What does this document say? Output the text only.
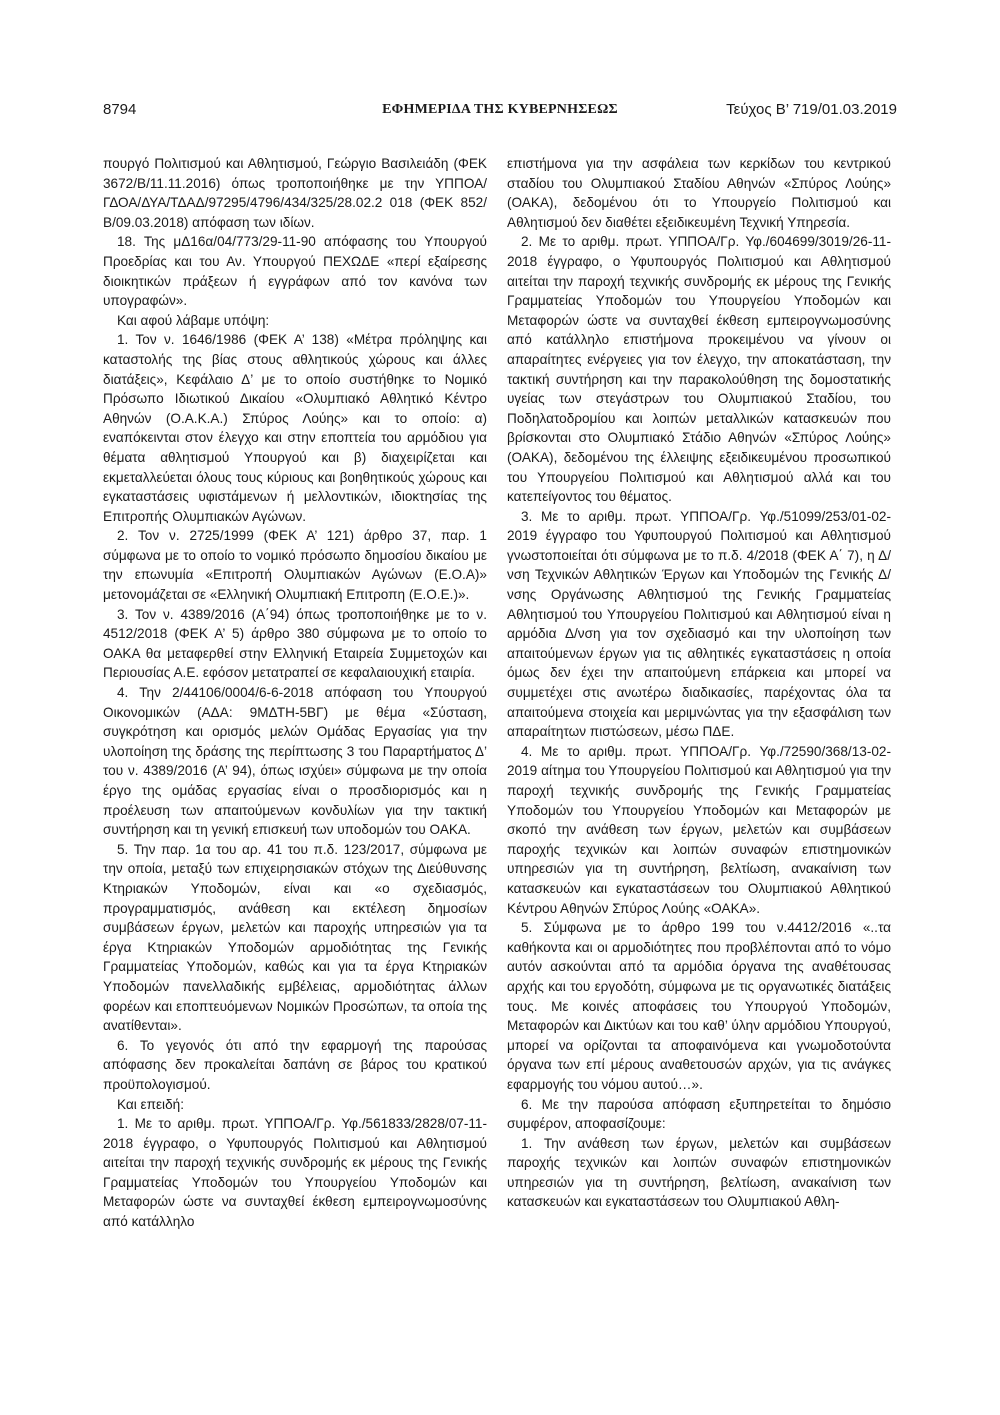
8794	ΕΦΗΜΕΡΙΔΑ ΤΗΣ ΚΥΒΕΡΝΗΣΕΩΣ	Τεύχος B’ 719/01.03.2019

πουργό Πολιτισμού και Αθλητισμού, Γεώργιο Βασιλειάδη (ΦΕΚ 3672/Β/11.11.2016) όπως τροποποιήθηκε με την ΥΠΠΟΑ/ΓΔΟΑ/ΔΥΑ/ΤΔΑΔ/97295/4796/434/325/28.02.2 018 (ΦΕΚ 852/Β/09.03.2018) απόφαση των ιδίων.

18. Της μΔ16α/04/773/29-11-90 απόφασης του Υπουργού Προεδρίας και του Αν. Υπουργού ΠΕΧΩΔΕ «περί εξαίρεσης διοικητικών πράξεων ή εγγράφων από τον κανόνα των υπογραφών».

Και αφού λάβαμε υπόψη:

1. Τον ν. 1646/1986 (ΦΕΚ Α’ 138) «Μέτρα πρόληψης και καταστολής της βίας στους αθλητικούς χώρους και άλλες διατάξεις», Κεφάλαιο Δ’ με το οποίο συστήθηκε το Νομικό Πρόσωπο Ιδιωτικού Δικαίου «Ολυμπιακό Αθλητικό Κέντρο Αθηνών (Ο.Α.Κ.Α.) Σπύρος Λούης» και το οποίο: α) εναπόκεινται στον έλεγχο και στην εποπτεία του αρμόδιου για θέματα αθλητισμού Υπουργού και β) διαχειρίζεται και εκμεταλλεύεται όλους τους κύριους και βοηθητικούς χώρους και εγκαταστάσεις υφιστάμενων ή μελλοντικών, ιδιοκτησίας της Επιτροπής Ολυμπιακών Αγώνων.

2. Τον ν. 2725/1999 (ΦΕΚ Α’ 121) άρθρο 37, παρ. 1 σύμφωνα με το οποίο το νομικό πρόσωπο δημοσίου δικαίου με την επωνυμία «Επιτροπή Ολυμπιακών Αγώνων (Ε.Ο.Α)» μετονομάζεται σε «Ελληνική Ολυμπιακή Επιτροπη (Ε.Ο.Ε.)».

3. Τον ν. 4389/2016 (Α΄94) όπως τροποποιήθηκε με το ν. 4512/2018 (ΦΕΚ Α’ 5) άρθρο 380 σύμφωνα με το οποίο το ΟΑΚΑ θα μεταφερθεί στην Ελληνική Εταιρεία Συμμετοχών και Περιουσίας Α.Ε. εφόσον μετατραπεί σε κεφαλαιουχική εταιρία.

4. Την 2/44106/0004/6-6-2018 απόφαση του Υπουργού Οικονομικών (ΑΔΑ: 9ΜΔΤΗ-5ΒΓ) με θέμα «Σύσταση, συγκρότηση και ορισμός μελών Ομάδας Εργασίας για την υλοποίηση της δράσης της περίπτωσης 3 του Παραρτήματος Δ’ του ν. 4389/2016 (Α’ 94), όπως ισχύει» σύμφωνα με την οποία έργο της ομάδας εργασίας είναι ο προσδιορισμός και η προέλευση των απαιτούμενων κονδυλίων για την τακτική συντήρηση και τη γενική επισκευή των υποδομών του ΟΑΚΑ.

5. Την παρ. 1α του αρ. 41 του π.δ. 123/2017, σύμφωνα με την οποία, μεταξύ των επιχειρησιακών στόχων της Διεύθυνσης Κτηριακών Υποδομών, είναι και «ο σχεδιασμός, προγραμματισμός, ανάθεση και εκτέλεση δημοσίων συμβάσεων έργων, μελετών και παροχής υπηρεσιών για τα έργα Κτηριακών Υποδομών αρμοδιότητας της Γενικής Γραμματείας Υποδομών, καθώς και για τα έργα Κτηριακών Υποδομών πανελλαδικής εμβέλειας, αρμοδιότητας άλλων φορέων και εποπτευόμενων Νομικών Προσώπων, τα οποία της ανατίθενται».

6. Το γεγονός ότι από την εφαρμογή της παρούσας απόφασης δεν προκαλείται δαπάνη σε βάρος του κρατικού προϋπολογισμού.

Και επειδή:

1. Με το αριθμ. πρωτ. ΥΠΠΟΑ/Γρ. Υφ./561833/2828/07-11-2018 έγγραφο, ο Υφυπουργός Πολιτισμού και Αθλητισμού αιτείται την παροχή τεχνικής συνδρομής εκ μέρους της Γενικής Γραμματείας Υποδομών του Υπουργείου Υποδομών και Μεταφορών ώστε να συνταχθεί έκθεση εμπειρογνωμοσύνης από κατάλληλο

επιστήμονα για την ασφάλεια των κερκίδων του κεντρικού σταδίου του Ολυμπιακού Σταδίου Αθηνών «Σπύρος Λούης» (ΟΑΚΑ), δεδομένου ότι το Υπουργείο Πολιτισμού και Αθλητισμού δεν διαθέτει εξειδικευμένη Τεχνική Υπηρεσία.

2. Με το αριθμ. πρωτ. ΥΠΠΟΑ/Γρ. Υφ./604699/3019/26-11-2018 έγγραφο, ο Υφυπουργός Πολιτισμού και Αθλητισμού αιτείται την παροχή τεχνικής συνδρομής εκ μέρους της Γενικής Γραμματείας Υποδομών του Υπουργείου Υποδομών και Μεταφορών ώστε να συνταχθεί έκθεση εμπειρογνωμοσύνης από κατάλληλο επιστήμονα προκειμένου να γίνουν οι απαραίτητες ενέργειες για τον έλεγχο, την αποκατάσταση, την τακτική συντήρηση και την παρακολούθηση της δομοστατικής υγείας των στεγάστρων του Ολυμπιακού Σταδίου, του Ποδηλατοδρομίου και λοιπών μεταλλικών κατασκευών που βρίσκονται στο Ολυμπιακό Στάδιο Αθηνών «Σπύρος Λούης» (ΟΑΚΑ), δεδομένου της έλλειψης εξειδικευμένου προσωπικού του Υπουργείου Πολιτισμού και Αθλητισμού αλλά και του κατεπείγοντος του θέματος.

3. Με το αριθμ. πρωτ. ΥΠΠΟΑ/Γρ. Υφ./51099/253/01-02-2019 έγγραφο του Υφυπουργού Πολιτισμού και Αθλητισμού γνωστοποιείται ότι σύμφωνα με το π.δ. 4/2018 (ΦΕΚ Α΄ 7), η Δ/νση Τεχνικών Αθλητικών Έργων και Υποδομών της Γενικής Δ/νσης Οργάνωσης Αθλητισμού της Γενικής Γραμματείας Αθλητισμού του Υπουργείου Πολιτισμού και Αθλητισμού είναι η αρμόδια Δ/νση για τον σχεδιασμό και την υλοποίηση των απαιτούμενων έργων για τις αθλητικές εγκαταστάσεις η οποία όμως δεν έχει την απαιτούμενη επάρκεια και μπορεί να συμμετέχει στις ανωτέρω διαδικασίες, παρέχοντας όλα τα απαιτούμενα στοιχεία και μεριμνώντας για την εξασφάλιση των απαραίτητων πιστώσεων, μέσω ΠΔΕ.

4. Με το αριθμ. πρωτ. ΥΠΠΟΑ/Γρ. Υφ./72590/368/13-02-2019 αίτημα του Υπουργείου Πολιτισμού και Αθλητισμού για την παροχή τεχνικής συνδρομής της Γενικής Γραμματείας Υποδομών του Υπουργείου Υποδομών και Μεταφορών με σκοπό την ανάθεση των έργων, μελετών και συμβάσεων παροχής τεχνικών και λοιπών συναφών επιστημονικών υπηρεσιών για τη συντήρηση, βελτίωση, ανακαίνιση των κατασκευών και εγκαταστάσεων του Ολυμπιακού Αθλητικού Κέντρου Αθηνών Σπύρος Λούης «ΟΑΚΑ».

5. Σύμφωνα με το άρθρο 199 του ν.4412/2016 «..τα καθήκοντα και οι αρμοδιότητες που προβλέπονται από το νόμο αυτόν ασκούνται από τα αρμόδια όργανα της αναθέτουσας αρχής και του εργοδότη, σύμφωνα με τις οργανωτικές διατάξεις τους. Με κοινές αποφάσεις του Υπουργού Υποδομών, Μεταφορών και Δικτύων και του καθ’ ύλην αρμόδιου Υπουργού, μπορεί να ορίζονται τα αποφαινόμενα και γνωμοδοτούντα όργανα των επί μέρους αναθετουσών αρχών, για τις ανάγκες εφαρμογής του νόμου αυτού…».

6. Με την παρούσα απόφαση εξυπηρετείται το δημόσιο συμφέρον, αποφασίζουμε:

1. Την ανάθεση των έργων, μελετών και συμβάσεων παροχής τεχνικών και λοιπών συναφών επιστημονικών υπηρεσιών για τη συντήρηση, βελτίωση, ανακαίνιση των κατασκευών και εγκαταστάσεων του Ολυμπιακού Αθλη-
